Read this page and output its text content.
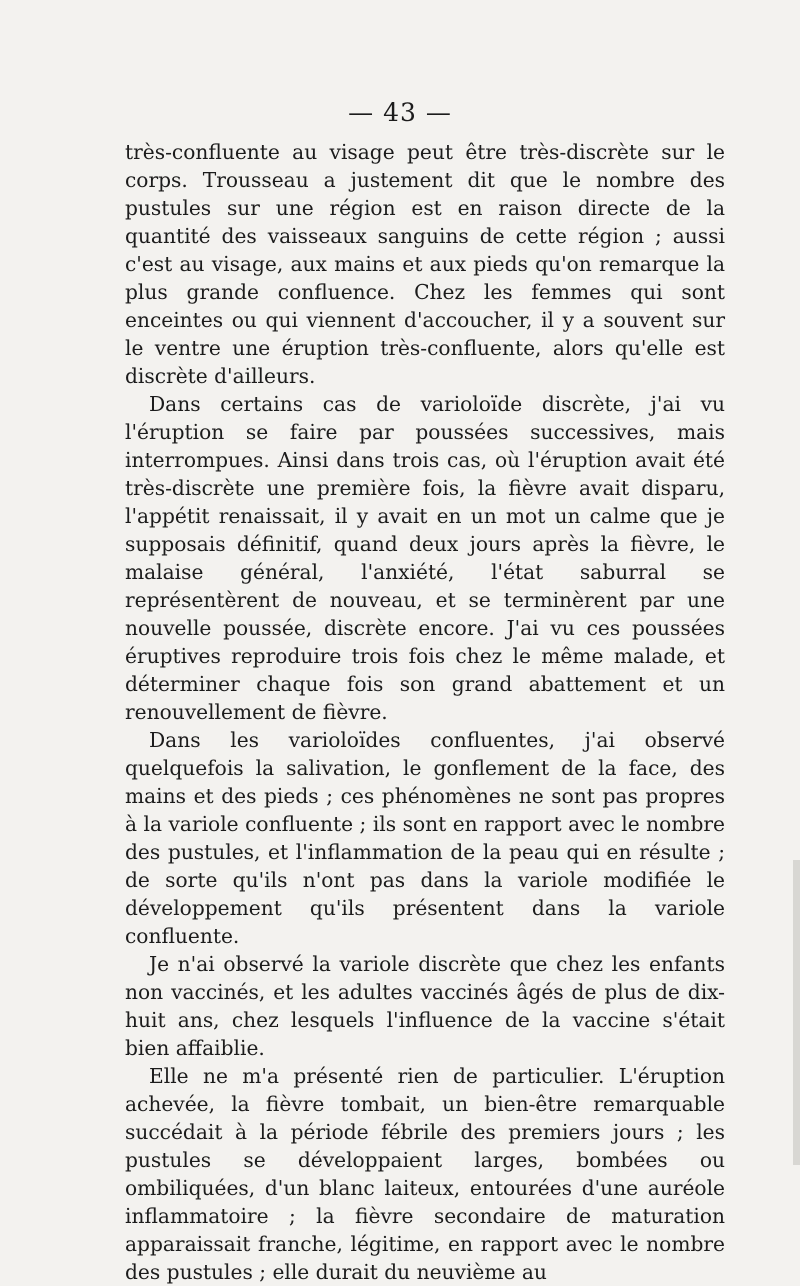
— 43 —

très-confluente au visage peut être très-discrète sur le corps. Trousseau a justement dit que le nombre des pustules sur une région est en raison directe de la quantité des vaisseaux sanguins de cette région ; aussi c'est au visage, aux mains et aux pieds qu'on remarque la plus grande confluence. Chez les femmes qui sont enceintes ou qui viennent d'accoucher, il y a souvent sur le ventre une éruption très-confluente, alors qu'elle est discrète d'ailleurs.

Dans certains cas de varioloïde discrète, j'ai vu l'éruption se faire par poussées successives, mais interrompues. Ainsi dans trois cas, où l'éruption avait été très-discrète une première fois, la fièvre avait disparu, l'appétit renaissait, il y avait en un mot un calme que je supposais définitif, quand deux jours après la fièvre, le malaise général, l'anxiété, l'état saburral se représentèrent de nouveau, et se terminèrent par une nouvelle poussée, discrète encore. J'ai vu ces poussées éruptives reproduire trois fois chez le même malade, et déterminer chaque fois son grand abattement et un renouvellement de fièvre.

Dans les varioloïdes confluentes, j'ai observé quelquefois la salivation, le gonflement de la face, des mains et des pieds ; ces phénomènes ne sont pas propres à la variole confluente ; ils sont en rapport avec le nombre des pustules, et l'inflammation de la peau qui en résulte ; de sorte qu'ils n'ont pas dans la variole modifiée le développement qu'ils présentent dans la variole confluente.

Je n'ai observé la variole discrète que chez les enfants non vaccinés, et les adultes vaccinés âgés de plus de dix-huit ans, chez lesquels l'influence de la vaccine s'était bien affaiblie.

Elle ne m'a présenté rien de particulier. L'éruption achevée, la fièvre tombait, un bien-être remarquable succédait à la période fébrile des premiers jours ; les pustules se développaient larges, bombées ou ombiliquées, d'un blanc laiteux, entourées d'une auréole inflammatoire ; la fièvre secondaire de maturation apparaissait franche, légitime, en rapport avec le nombre des pustules ; elle durait du neuvième au
